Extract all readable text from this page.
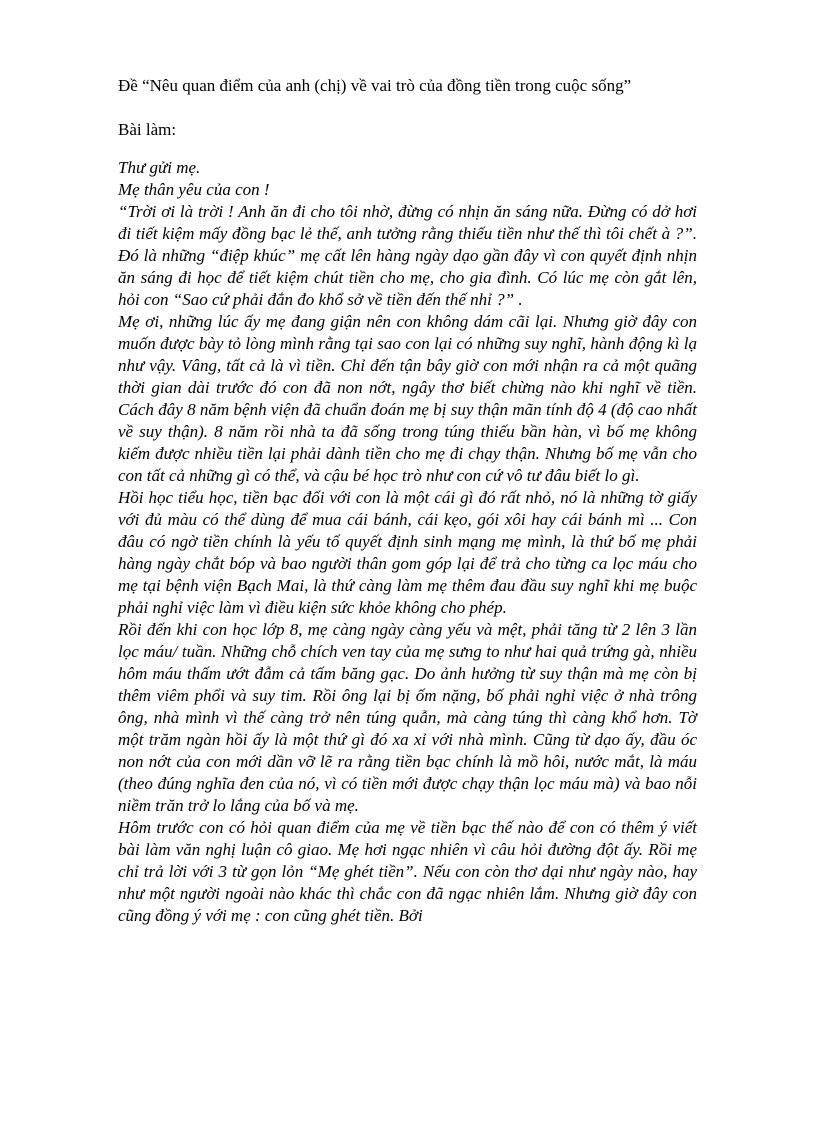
Đề “Nêu quan điểm của anh (chị) về vai trò của đồng tiền trong cuộc sống”
Bài làm:

Thư gửi mẹ.

Mẹ thân yêu của con !

“Trời ơi là trời ! Anh ăn đi cho tôi nhờ, đừng có nhịn ăn sáng nữa. Đừng có dở hơi đi tiết kiệm mấy đồng bạc lẻ thế, anh tưởng rằng thiếu tiền như thế thì tôi chết à ?”. Đó là những “điệp khúc” mẹ cất lên hàng ngày dạo gần đây vì con quyết định nhịn ăn sáng đi học để tiết kiệm chút tiền cho mẹ, cho gia đình. Có lúc mẹ còn gắt lên, hỏi con “Sao cứ phải đắn đo khổ sở về tiền đến thế nhỉ ?” .

Mẹ ơi, những lúc ấy mẹ đang giận nên con không dám cãi lại. Nhưng giờ đây con muốn được bày tỏ lòng mình rằng tại sao con lại có những suy nghĩ, hành động kì lạ như vậy. Vâng, tất cả là vì tiền. Chỉ đến tận bây giờ con mới nhận ra cả một quãng thời gian dài trước đó con đã non nớt, ngây thơ biết chừng nào khi nghĩ về tiền. Cách đây 8 năm bệnh viện đã chuẩn đoán mẹ bị suy thận mãn tính độ 4 (độ cao nhất về suy thận). 8 năm rồi nhà ta đã sống trong túng thiếu bần hàn, vì bố mẹ không kiếm được nhiều tiền lại phải dành tiền cho mẹ đi chạy thận. Nhưng bố mẹ vẫn cho con tất cả những gì có thể, và cậu bé học trò như con cứ vô tư đâu biết lo gì.

Hồi học tiểu học, tiền bạc đối với con là một cái gì đó rất nhỏ, nó là những tờ giấy với đủ màu có thể dùng để mua cái bánh, cái kẹo, gói xôi hay cái bánh mì ... Con đâu có ngờ tiền chính là yếu tố quyết định sinh mạng mẹ mình, là thứ bố mẹ phải hàng ngày chắt bóp và bao người thân gom góp lại để trả cho từng ca lọc máu cho mẹ tại bệnh viện Bạch Mai, là thứ càng làm mẹ thêm đau đầu suy nghĩ khi mẹ buộc phải nghỉ việc làm vì điều kiện sức khỏe không cho phép.

Rồi đến khi con học lớp 8, mẹ càng ngày càng yếu và mệt, phải tăng từ 2 lên 3 lần lọc máu/ tuần. Những chỗ chích ven tay của mẹ sưng to như hai quả trứng gà, nhiều hôm máu thấm ướt đẫm cả tấm băng gạc. Do ảnh hưởng từ suy thận mà mẹ còn bị thêm viêm phổi và suy tim. Rồi ông lại bị ốm nặng, bố phải nghỉ việc ở nhà trông ông, nhà mình vì thế càng trở nên túng quẫn, mà càng túng thì càng khổ hơn. Tờ một trăm ngàn hồi ấy là một thứ gì đó xa xỉ với nhà mình. Cũng từ dạo ấy, đầu óc non nớt của con mới dần vỡ lẽ ra rằng tiền bạc chính là mồ hôi, nước mắt, là máu (theo đúng nghĩa đen của nó, vì có tiền mới được chạy thận lọc máu mà) và bao nỗi niềm trăn trở lo lắng của bố và mẹ.

Hôm trước con có hỏi quan điểm của mẹ về tiền bạc thế nào để con có thêm ý viết bài làm văn nghị luận cô giao. Mẹ hơi ngạc nhiên vì câu hỏi đường đột ấy. Rồi mẹ chỉ trả lời với 3 từ gọn lỏn “Mẹ ghét tiền”. Nếu con còn thơ dại như ngày nào, hay như một người ngoài nào khác thì chắc con đã ngạc nhiên lắm. Nhưng giờ đây con cũng đồng ý với mẹ : con cũng ghét tiền. Bởi
